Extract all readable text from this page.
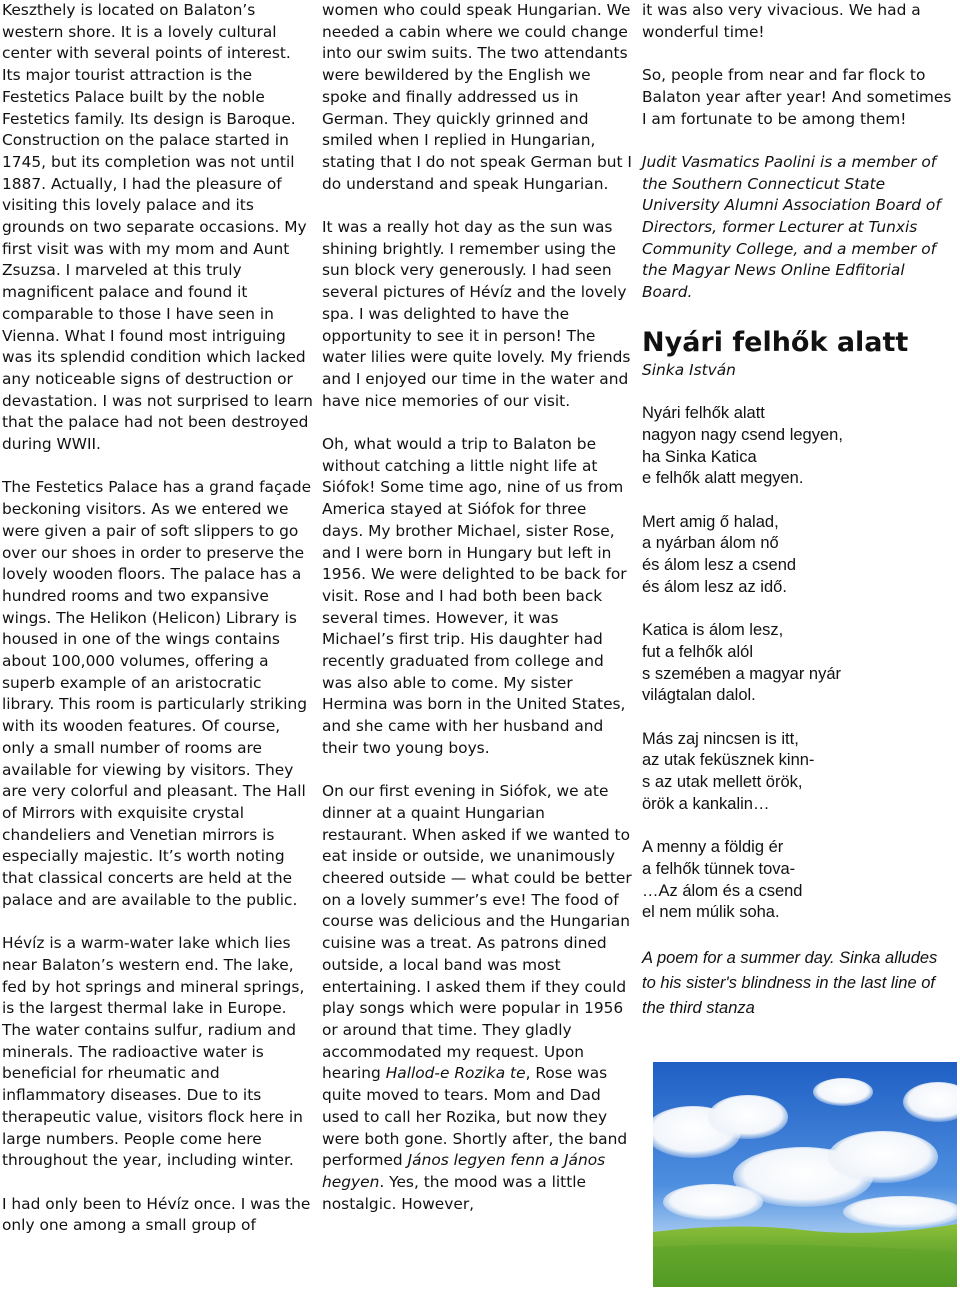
Keszthely is located on Balaton’s western shore. It is a lovely cultural center with several points of interest. Its major tourist attraction is the Festetics Palace built by the noble Festetics family. Its design is Baroque. Construction on the palace started in 1745, but its completion was not until 1887. Actually, I had the pleasure of visiting this lovely palace and its grounds on two separate occasions. My first visit was with my mom and Aunt Zsuzsa. I marveled at this truly magnificent palace and found it comparable to those I have seen in Vienna. What I found most intriguing was its splendid condition which lacked any noticeable signs of destruction or devastation. I was not surprised to learn that the palace had not been destroyed during WWII.

The Festetics Palace has a grand façade beckoning visitors. As we entered we were given a pair of soft slippers to go over our shoes in order to preserve the lovely wooden floors. The palace has a hundred rooms and two expansive wings. The Helikon (Helicon) Library is housed in one of the wings contains about 100,000 volumes, offering a superb example of an aristocratic library. This room is particularly striking with its wooden features. Of course, only a small number of rooms are available for viewing by visitors. They are very colorful and pleasant. The Hall of Mirrors with exquisite crystal chandeliers and Venetian mirrors is especially majestic. It’s worth noting that classical concerts are held at the palace and are available to the public.

Hévíz is a warm-water lake which lies near Balaton’s western end. The lake, fed by hot springs and mineral springs, is the largest thermal lake in Europe. The water contains sulfur, radium and minerals. The radioactive water is beneficial for rheumatic and inflammatory diseases. Due to its therapeutic value, visitors flock here in large numbers. People come here throughout the year, including winter.

I had only been to Hévíz once. I was the only one among a small group of

women who could speak Hungarian. We needed a cabin where we could change into our swim suits. The two attendants were bewildered by the English we spoke and finally addressed us in German. They quickly grinned and smiled when I replied in Hungarian, stating that I do not speak German but I do understand and speak Hungarian.

It was a really hot day as the sun was shining brightly. I remember using the sun block very generously. I had seen several pictures of Hévíz and the lovely spa. I was delighted to have the opportunity to see it in person! The water lilies were quite lovely. My friends and I enjoyed our time in the water and have nice memories of our visit.

Oh, what would a trip to Balaton be without catching a little night life at Siófok! Some time ago, nine of us from America stayed at Siófok for three days. My brother Michael, sister Rose, and I were born in Hungary but left in 1956. We were delighted to be back for visit. Rose and I had both been back several times. However, it was Michael’s first trip. His daughter had recently graduated from college and was also able to come. My sister Hermina was born in the United States, and she came with her husband and their two young boys.

On our first evening in Siófok, we ate dinner at a quaint Hungarian restaurant. When asked if we wanted to eat inside or outside, we unanimously cheered outside — what could be better on a lovely summer’s eve! The food of course was delicious and the Hungarian cuisine was a treat. As patrons dined outside, a local band was most entertaining. I asked them if they could play songs which were popular in 1956 or around that time. They gladly accommodated my request. Upon hearing Hallod-e Rozika te, Rose was quite moved to tears. Mom and Dad used to call her Rozika, but now they were both gone. Shortly after, the band performed János legyen fenn a János hegyen. Yes, the mood was a little nostalgic. However,

it was also very vivacious. We had a wonderful time!

So, people from near and far flock to Balaton year after year! And sometimes I am fortunate to be among them!

Judit Vasmatics Paolini is a member of the Southern Connecticut State University Alumni Association Board of Directors, former Lecturer at Tunxis Community College, and a member of the Magyar News Online Edfitorial Board.

Nyári felhők alatt
Sinka István
Nyári felhők alatt
nagyon nagy csend legyen,
ha Sinka Katica
e felhők alatt megyen.
Mert amig ő halad,
a nyárban álom nő
és álom lesz a csend
és álom lesz az idő.
Katica is álom lesz,
fut a felhők alól
s szemében a magyar nyár
világtalan dalol.
Más zaj nincsen is itt,
az utak feküsznek kinn-
s az utak mellett örök,
örök a kankalin…
A menny a földig ér
a felhők tünnek tova-
…Az álom és a csend
el nem múlik soha.
A poem for a summer day. Sinka alludes to his sister's blindness in the last line of the third stanza
